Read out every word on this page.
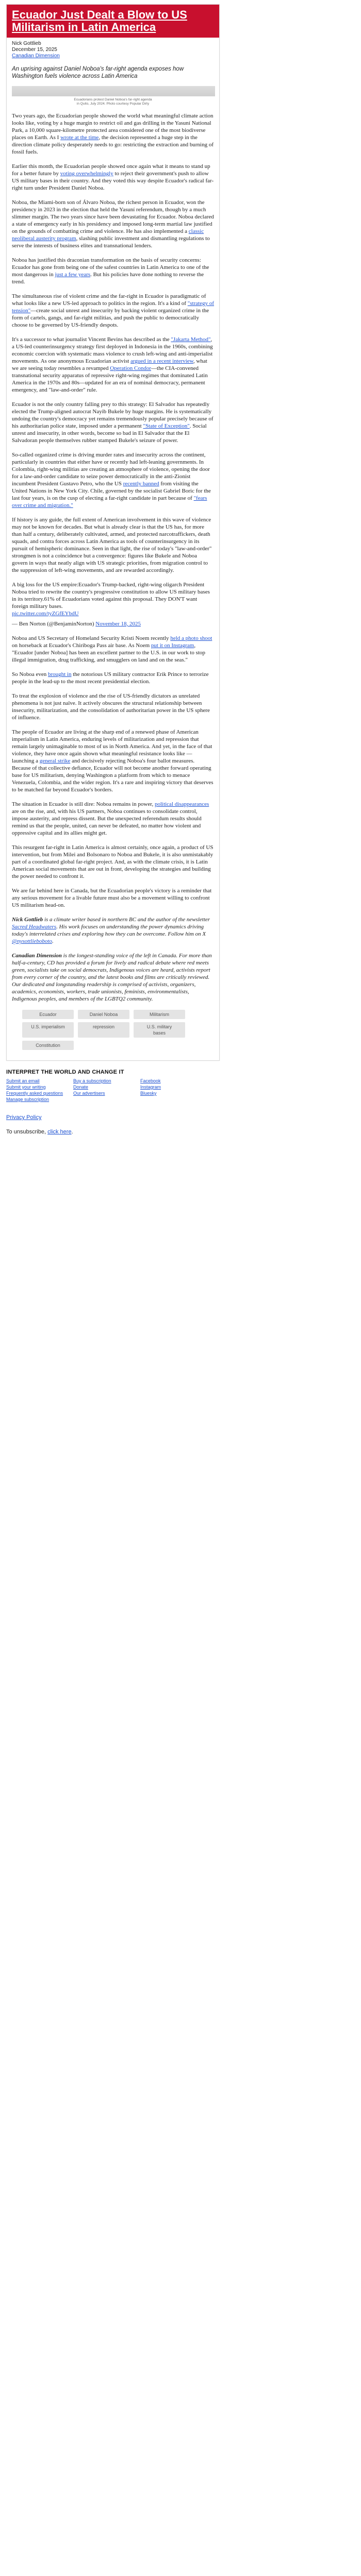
Ecuador Just Dealt a Blow to US Militarism in Latin America
Nick Gottlieb
December 15, 2025
Canadian Dimension
An uprising against Daniel Noboa's far-right agenda exposes how Washington fuels violence across Latin America
Ecuadorians protest Daniel Noboa's far-right agenda
in Quito, July 2024. Photo courtesy Popular Dirty

Two years ago, the Ecuadorian people showed the world what meaningful climate action looks like, voting by a huge margin to restrict oil and gas drilling in the Yasuní National Park, a 10,000 square-kilometre protected area considered one of the most biodiverse places on Earth. As I wrote at the time, the decision represented a huge step in the direction climate policy desperately needs to go: restricting the extraction and burning of fossil fuels.

Earlier this month, the Ecuadorian people showed once again what it means to stand up for a better future by voting overwhelmingly to reject their government's push to allow US military bases in their country. And they voted this way despite Ecuador's radical far-right turn under President Daniel Noboa.

Noboa, the Miami-born son of Álvaro Noboa, the richest person in Ecuador, won the presidency in 2023 in the election that held the Yasuní referendum, though by a much slimmer margin. The two years since have been devastating for Ecuador. Noboa declared a state of emergency early in his presidency and imposed long-term martial law justified on the grounds of combatting crime and violence. He has also implemented a classic neoliberal austerity program, slashing public investment and dismantling regulations to serve the interests of business elites and transnational lenders.

Noboa has justified this draconian transformation on the basis of security concerns: Ecuador has gone from being one of the safest countries in Latin America to one of the most dangerous in just a few years. But his policies have done nothing to reverse the trend.

The simultaneous rise of violent crime and the far-right in Ecuador is paradigmatic of what looks like a new US-led approach to politics in the region. It's a kind of "strategy of tension"—create social unrest and insecurity by backing violent organized crime in the form of cartels, gangs, and far-right militias, and push the public to democratically choose to be governed by US-friendly despots.

It's a successor to what journalist Vincent Bevins has described as the "Jakarta Method", a US-led counterinsurgency strategy first deployed in Indonesia in the 1960s, combining economic coercion with systematic mass violence to crush left-wing and anti-imperialist movements. As one anonymous Ecuadorian activist argued in a recent interview, what we are seeing today resembles a revamped Operation Condor—the CIA-convened transnational security apparatus of repressive right-wing regimes that dominated Latin America in the 1970s and 80s—updated for an era of nominal democracy, permanent emergency, and "law-and-order" rule.

Ecuador is not the only country falling prey to this strategy: El Salvador has repeatedly elected the Trump-aligned autocrat Nayib Bukele by huge margins. He is systematically undoing the country's democracy yet remains tremendously popular precisely because of his authoritarian police state, imposed under a permanent "State of Exception". Social unrest and insecurity, in other words, become so bad in El Salvador that the El Salvadoran people themselves rubber stamped Bukele's seizure of power.

So-called organized crime is driving murder rates and insecurity across the continent, particularly in countries that either have or recently had left-leaning governments. In Colombia, right-wing militias are creating an atmosphere of violence, opening the door for a law-and-order candidate to seize power democratically in the anti-Zionist incumbent President Gustavo Petro, who the US recently banned from visiting the United Nations in New York City. Chile, governed by the socialist Gabriel Boric for the last four years, is on the cusp of electing a far-right candidate in part because of "fears over crime and migration."

If history is any guide, the full extent of American involvement in this wave of violence may not be known for decades. But what is already clear is that the US has, for more than half a century, deliberately cultivated, armed, and protected narcotraffickers, death squads, and contra forces across Latin America as tools of counterinsurgency in its pursuit of hemispheric dominance. Seen in that light, the rise of today's "law-and-order" strongmen is not a coincidence but a convergence: figures like Bukele and Noboa govern in ways that neatly align with US strategic priorities, from migration control to the suppression of left-wing movements, and are rewarded accordingly.

A big loss for the US empire:Ecuador's Trump-backed, right-wing oligarch President Noboa tried to rewrite the country's progressive constitution to allow US military bases in its territory.61% of Ecuadorians voted against this proposal. They DON'T want foreign military bases.
pic.twitter.com/tyZGfEYbdU

— Ben Norton (@BenjaminNorton) November 18, 2025

Noboa and US Secretary of Homeland Security Kristi Noem recently held a photo shoot on horseback at Ecuador's Chiriboga Pass air base. As Noem put it on Instagram, "Ecuador [under Noboa] has been an excellent partner to the U.S. in our work to stop illegal immigration, drug trafficking, and smugglers on land and on the seas."

So Noboa even brought in the notorious US military contractor Erik Prince to terrorize people in the lead-up to the most recent presidential election.

To treat the explosion of violence and the rise of US-friendly dictators as unrelated phenomena is not just naïve. It actively obscures the structural relationship between insecurity, militarization, and the consolidation of authoritarian power in the US sphere of influence.

The people of Ecuador are living at the sharp end of a renewed phase of American imperialism in Latin America, enduring levels of militarization and repression that remain largely unimaginable to most of us in North America. And yet, in the face of that violence, they have once again shown what meaningful resistance looks like —launching a general strike and decisively rejecting Noboa's four ballot measures. Because of that collective defiance, Ecuador will not become another forward operating base for US militarism, denying Washington a platform from which to menace Venezuela, Colombia, and the wider region. It's a rare and inspiring victory that deserves to be matched far beyond Ecuador's borders.

The situation in Ecuador is still dire: Noboa remains in power, political disappearances are on the rise, and, with his US partners, Noboa continues to consolidate control, impose austerity, and repress dissent. But the unexpected referendum results should remind us that the people, united, can never be defeated, no matter how violent and oppressive capital and its allies might get.

This resurgent far-right in Latin America is almost certainly, once again, a product of US intervention, but from Milei and Bolsonaro to Noboa and Bukele, it is also unmistakably part of a coordinated global far-right project. And, as with the climate crisis, it is Latin American social movements that are out in front, developing the strategies and building the power needed to confront it.

We are far behind here in Canada, but the Ecuadorian people's victory is a reminder that any serious movement for a livable future must also be a movement willing to confront US militarism head-on.

Nick Gottlieb is a climate writer based in northern BC and the author of the newsletter Sacred Headwaters. His work focuses on understanding the power dynamics driving today's interrelated crises and exploring how they can be overcome. Follow him on X @nysottlieboboto.

Canadian Dimension is the longest-standing voice of the left in Canada. For more than half-a-century, CD has provided a forum for lively and radical debate where red meets green, socialists take on social democrats, Indigenous voices are heard, activists report from every corner of the country, and the latest books and films are critically reviewed. Our dedicated and longstanding readership is comprised of activists, organizers, academics, economists, workers, trade unionists, feminists, environmentalists, Indigenous peoples, and members of the LGBTQ2 community.

Ecuador	Daniel Noboa	Militarism
U.S. imperialism	repression	U.S. military bases
Constitution
INTERPRET THE WORLD AND CHANGE IT
Submit an email	Buy a subscription	Facebook
Submit your writing	Donate	Instagram
Frequently asked questions	Our advertisers	Bluesky
Manage subscription

Privacy Policy

To unsubscribe, click here.
